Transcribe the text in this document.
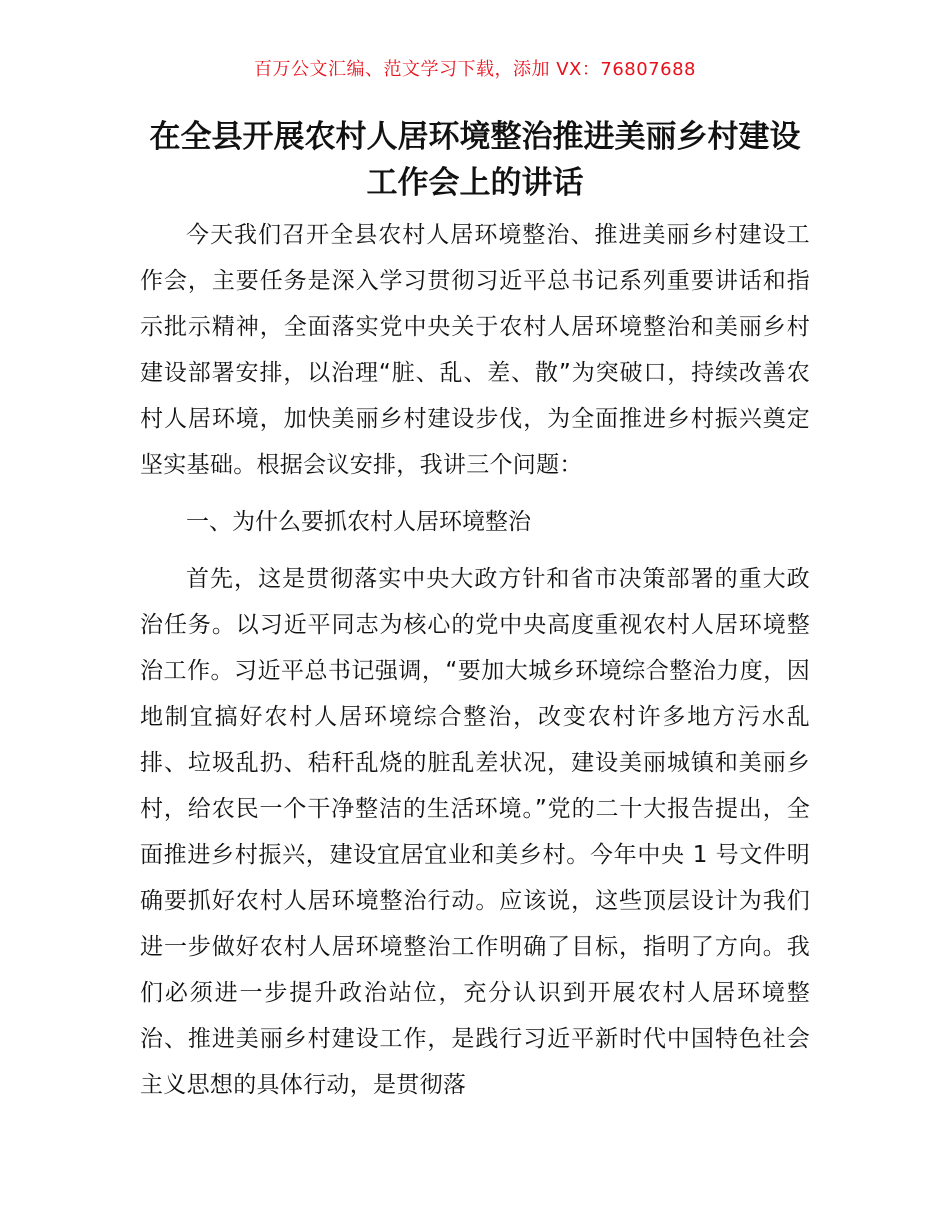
百万公文汇编、范文学习下载，添加 VX：76807688
在全县开展农村人居环境整治推进美丽乡村建设工作会上的讲话

今天我们召开全县农村人居环境整治、推进美丽乡村建设工作会，主要任务是深入学习贯彻习近平总书记系列重要讲话和指示批示精神，全面落实党中央关于农村人居环境整治和美丽乡村建设部署安排，以治理“脏、乱、差、散”为突破口，持续改善农村人居环境，加快美丽乡村建设步伐，为全面推进乡村振兴奠定坚实基础。根据会议安排，我讲三个问题：

一、为什么要抓农村人居环境整治

首先，这是贯彻落实中央大政方针和省市决策部署的重大政治任务。以习近平同志为核心的党中央高度重视农村人居环境整治工作。习近平总书记强调，“要加大城乡环境综合整治力度，因地制宜搞好农村人居环境综合整治，改变农村许多地方污水乱排、垃圾乱扔、秸秆乱烧的脏乱差状况，建设美丽城镇和美丽乡村，给农民一个干净整洁的生活环境。”党的二十大报告提出，全面推进乡村振兴，建设宜居宜业和美乡村。今年中央 1 号文件明确要抓好农村人居环境整治行动。应该说，这些顶层设计为我们进一步做好农村人居环境整治工作明确了目标，指明了方向。我们必须进一步提升政治站位，充分认识到开展农村人居环境整治、推进美丽乡村建设工作，是践行习近平新时代中国特色社会主义思想的具体行动，是贯彻落
